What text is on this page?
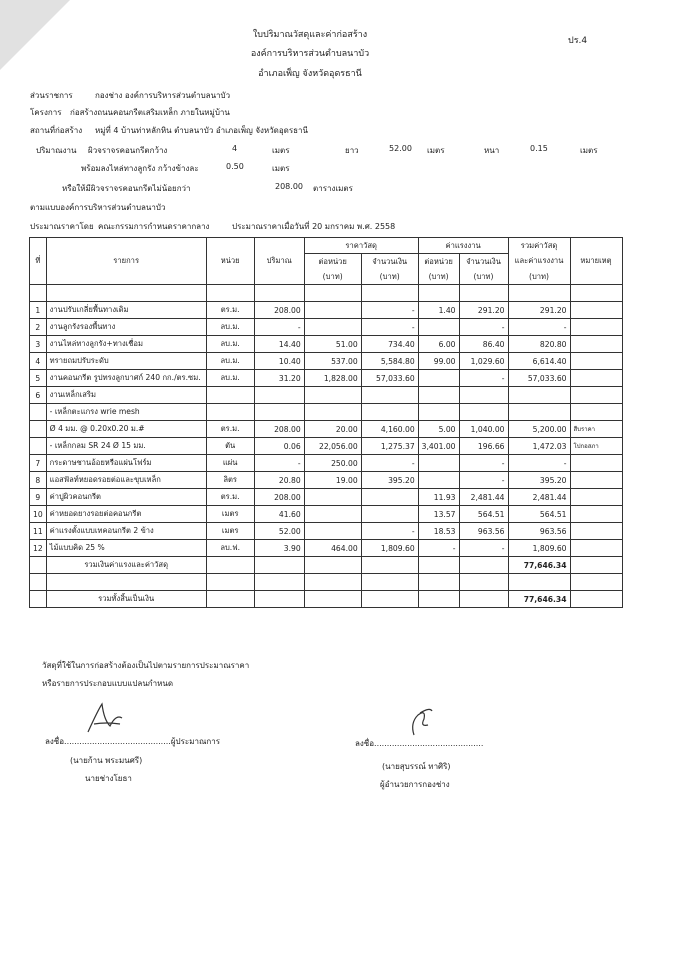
ใบปริมาณวัสดุและค่าก่อสร้าง
องค์การบริหารส่วนตำบลนาบัว
อำเภอเพ็ญ จังหวัดอุดรธานี
ปร.4
ส่วนราชการ	กองช่าง องค์การบริหารส่วนตำบลนาบัว
โครงการ ก่อสร้างถนนคอนกรีตเสริมเหล็ก ภายในหมู่บ้าน
สถานที่ก่อสร้าง หมู่ที่ 4 บ้านท่าหลักหิน ตำบลนาบัว อำเภอเพ็ญ จังหวัดอุดรธานี
ปริมาณงาน ผิวจราจรคอนกรีตกว้าง	4	เมตร	ยาว	52.00 เมตร	หนา	0.15	เมตร
พร้อมลงไหล่ทางลูกรัง กว้างข้างละ	0.50	เมตร
หรือให้มีผิวจราจรคอนกรีตไม่น้อยกว่า	208.00 ตารางเมตร
ตามแบบองค์การบริหารส่วนตำบลนาบัว
ประมาณราคาโดย คณะกรรมการกำหนดราคากลาง	ประมาณราคาเมื่อวันที่ 20 มกราคม พ.ศ. 2558
ที่	รายการ	หน่วย	ปริมาณ	ราคาวัสดุ		ค่าแรงงาน		รวมค่าวัสดุ	หมายเหตุ
				ต่อหน่วย	จำนวนเงิน	ต่อหน่วย	จำนวนเงิน	และค่าแรงงาน	
				(บาท)	(บาท)	(บาท)	(บาท)	(บาท)	

1	งานปรับเกลี่ยพื้นทางเดิม	ตร.ม.	208.00		-	1.40	291.20	291.20	
2	งานลูกรังรองพื้นทาง	ลบ.ม.	-		-		-	-	
3	งานไหล่ทางลูกรัง+ทางเชื่อม	ลบ.ม.	14.40	51.00	734.40	6.00	86.40	820.80	
4	ทรายถมปรับระดับ	ลบ.ม.	10.40	537.00	5,584.80	99.00	1,029.60	6,614.40	
5	งานคอนกรีต รูปทรงลูกบาศก์ 240 กก./ตร.ซม.	ลบ.ม.	31.20	1,828.00	57,033.60		-	57,033.60	
6	งานเหล็กเสริม								
	- เหล็กตะแกรง wrie mesh								
	Ø 4 มม. @ 0.20x0.20 ม.#	ตร.ม.	208.00	20.00	4,160.00	5.00	1,040.00	5,200.00	สืบราคา
	- เหล็กกลม SR 24 Ø 15 มม.	ตัน	0.06	22,056.00	1,275.37	3,401.00	196.66	1,472.03	โปกอสภา
7	กระดาษชานอ้อยหรือแผ่นโฟร์ม	แผ่น	-	250.00	-		-	-	
8	แอสฟัลท์หยอดรอยต่อและขุบเหล็ก	ลิตร	20.80	19.00	395.20		-	395.20	
9	ค่าปูผิวคอนกรีต	ตร.ม.	208.00			11.93	2,481.44	2,481.44	
10	ค่าหยอดยางรอยต่อคอนกรีต	เมตร	41.60			13.57	564.51	564.51	
11	ค่าแรงตั้งแบบเทคอนกรีต 2 ข้าง	เมตร	52.00		-	18.53	963.56	963.56	
12	ไม้แบบคิด 25 %	ลบ.ฟ.	3.90	464.00	1,809.60	-	-	1,809.60	
	รวมเงินค่าแรงและค่าวัสดุ							77,646.34	

	รวมทั้งสิ้นเป็นเงิน							77,646.34	
วัสดุที่ใช้ในการก่อสร้างต้องเป็นไปตามรายการประมาณราคา
หรือรายการประกอบแบบแปลนกำหนด
ลงชื่อ..........................................ผู้ประมาณการ
(นายก้าน พระมนศรี)
นายช่างโยธา
ลงชื่อ...........................................
(นายสุบรรณ์ ทาศิริ)
ผู้อำนวยการกองช่าง
